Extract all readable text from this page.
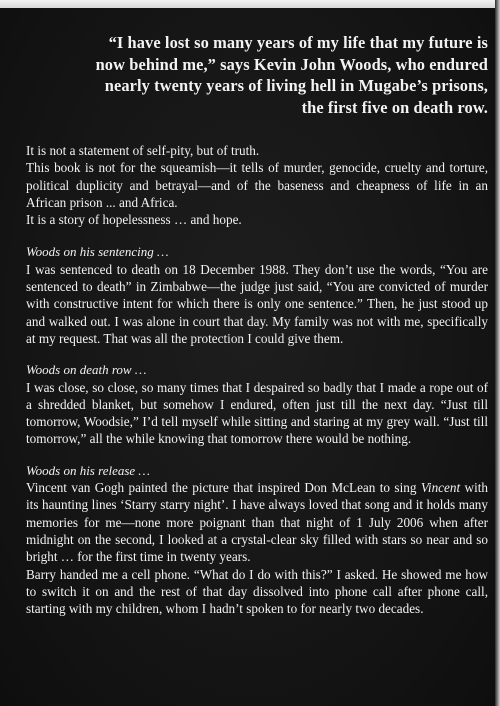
“I have lost so many years of my life that my future is
now behind me,” says Kevin John Woods, who endured
nearly twenty years of living hell in Mugabe’s prisons,
the first five on death row.

It is not a statement of self-pity, but of truth.
This book is not for the squeamish—it tells of murder, genocide, cruelty and torture, political duplicity and betrayal—and of the baseness and cheapness of life in an African prison ... and Africa.
It is a story of hopelessness … and hope.

Woods on his sentencing …

I was sentenced to death on 18 December 1988. They don’t use the words, “You are sentenced to death” in Zimbabwe—the judge just said, “You are convicted of murder with constructive intent for which there is only one sentence.” Then, he just stood up and walked out. I was alone in court that day. My family was not with me, specifically at my request. That was all the protection I could give them.

Woods on death row …

I was close, so close, so many times that I despaired so badly that I made a rope out of a shredded blanket, but somehow I endured, often just till the next day. “Just till tomorrow, Woodsie,” I’d tell myself while sitting and staring at my grey wall. “Just till tomorrow,” all the while knowing that tomorrow there would be nothing.

Woods on his release …

Vincent van Gogh painted the picture that inspired Don McLean to sing Vincent with its haunting lines ‘Starry starry night’. I have always loved that song and it holds many memories for me—none more poignant than that night of 1 July 2006 when after midnight on the second, I looked at a crystal-clear sky filled with stars so near and so bright … for the first time in twenty years.
Barry handed me a cell phone. “What do I do with this?” I asked. He showed me how to switch it on and the rest of that day dissolved into phone call after phone call, starting with my children, whom I hadn’t spoken to for nearly two decades.
